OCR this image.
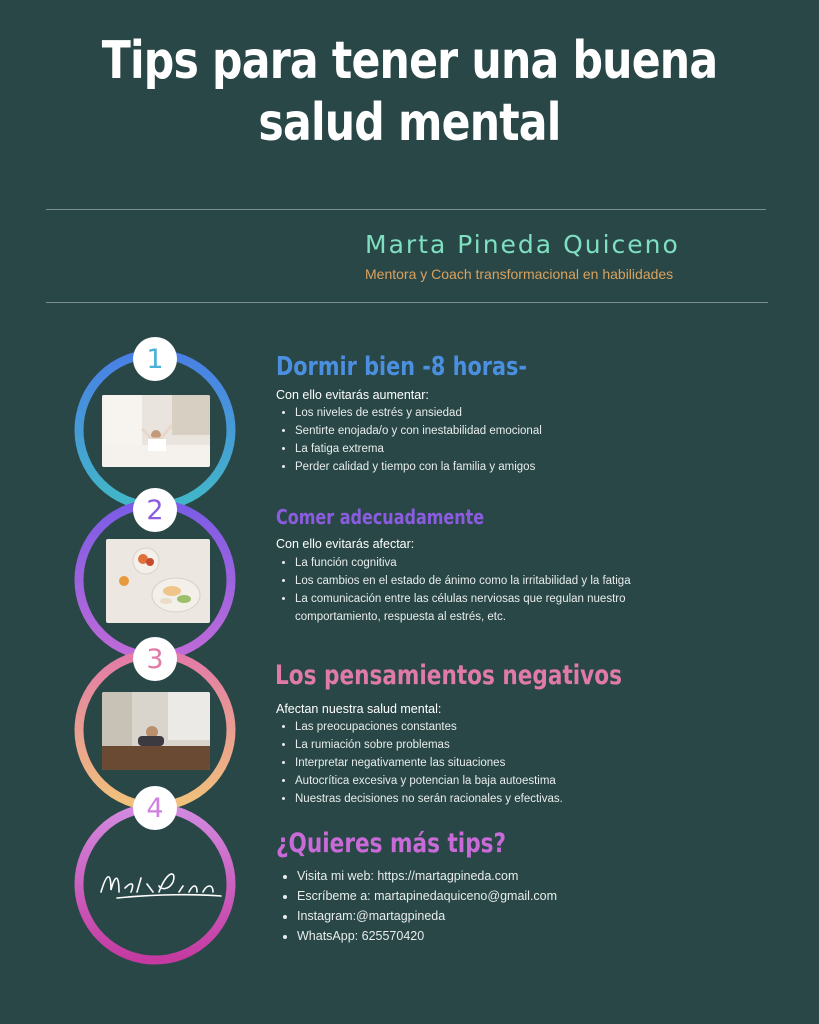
Tips para tener una buena
salud mental
Marta Pineda Quiceno
Mentora y Coach transformacional en habilidades
1
2
3
4
Dormir bien -8 horas-
Con ello evitarás aumentar:
• Los niveles de estrés y ansiedad
• Sentirte enojada/o y con inestabilidad emocional
• La fatiga extrema
• Perder calidad y tiempo con la familia y amigos
Comer adecuadamente
Con ello evitarás afectar:
• La función cognitiva
• Los cambios en el estado de ánimo como la irritabilidad y la fatiga
• La comunicación entre las células nerviosas que regulan nuestro comportamiento, respuesta al estrés, etc.
Los pensamientos negativos
Afectan nuestra salud mental:
• Las preocupaciones constantes
• La rumiación sobre problemas
• Interpretar negativamente las situaciones
• Autocrítica excesiva y potencian la baja autoestima
• Nuestras decisiones no serán racionales y efectivas.
¿Quieres más tips?
• Visita mi web: https://martagpineda.com
• Escríbeme a: martapinedaquiceno@gmail.com
• Instagram:@martagpineda
• WhatsApp: 625570420
